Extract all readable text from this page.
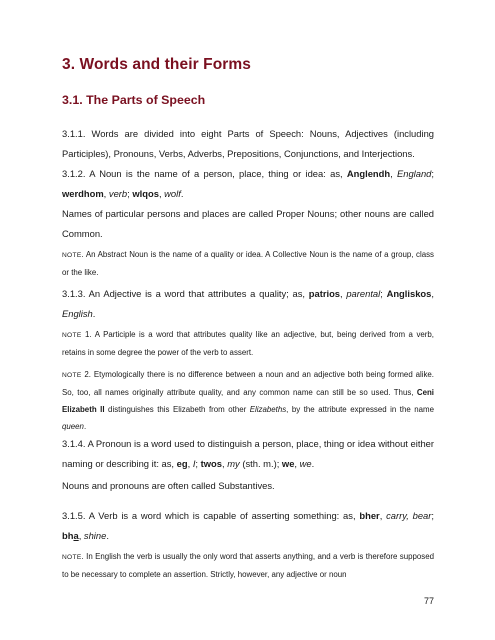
3. Words and their Forms
3.1. The Parts of Speech

3.1.1. Words are divided into eight Parts of Speech: Nouns, Adjectives (including Participles), Pronouns, Verbs, Adverbs, Prepositions, Conjunctions, and Interjections.

3.1.2. A Noun is the name of a person, place, thing or idea: as, Anglendh, England; werdhom, verb; wlqos, wolf.

Names of particular persons and places are called Proper Nouns; other nouns are called Common.

NOTE. An Abstract Noun is the name of a quality or idea. A Collective Noun is the name of a group, class or the like.

3.1.3. An Adjective is a word that attributes a quality; as, patrios, parental; Angliskos, English.

NOTE 1. A Participle is a word that attributes quality like an adjective, but, being derived from a verb, retains in some degree the power of the verb to assert.

NOTE 2. Etymologically there is no difference between a noun and an adjective both being formed alike. So, too, all names originally attribute quality, and any common name can still be so used. Thus, Ceni Elizabeth II distinguishes this Elizabeth from other Elizabeths, by the attribute expressed in the name queen.

3.1.4. A Pronoun is a word used to distinguish a person, place, thing or idea without either naming or describing it: as, eg, I; twos, my (sth. m.); we, we.

Nouns and pronouns are often called Substantives.

3.1.5. A Verb is a word which is capable of asserting something: as, bher, carry, bear; bha, shine.

NOTE. In English the verb is usually the only word that asserts anything, and a verb is therefore supposed to be necessary to complete an assertion. Strictly, however, any adjective or noun

77
